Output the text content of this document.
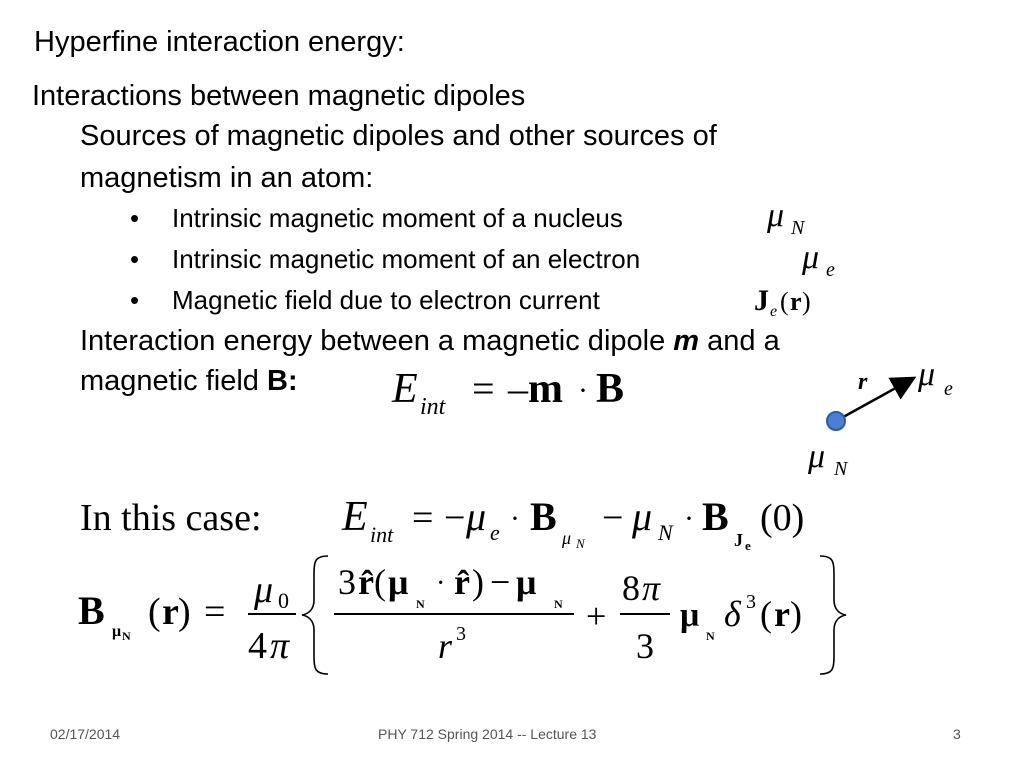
Hyperfine interaction energy:
Interactions between magnetic dipoles
Sources of magnetic dipoles and other sources of
magnetism in an atom:
• Intrinsic magnetic moment of a nucleus	μ N
• Intrinsic magnetic moment of an electron	μ e
• Magnetic field due to electron current	J e ( r )
Interaction energy between a magnetic dipole m and a
magnetic field B: E int = – m · B	r μ e
μ N
In this case: E int = − μ e · B μ N
− μ N · B
J e
(0)
B μ N
( r ) =
μ 0
4 π
3 r̂ ( μ
N
· r̂ ) − μ
N
r 3	+
8 π
3
μ
N
δ 3 ( r )
02/17/2014	PHY 712 Spring 2014 -- Lecture 13	3
